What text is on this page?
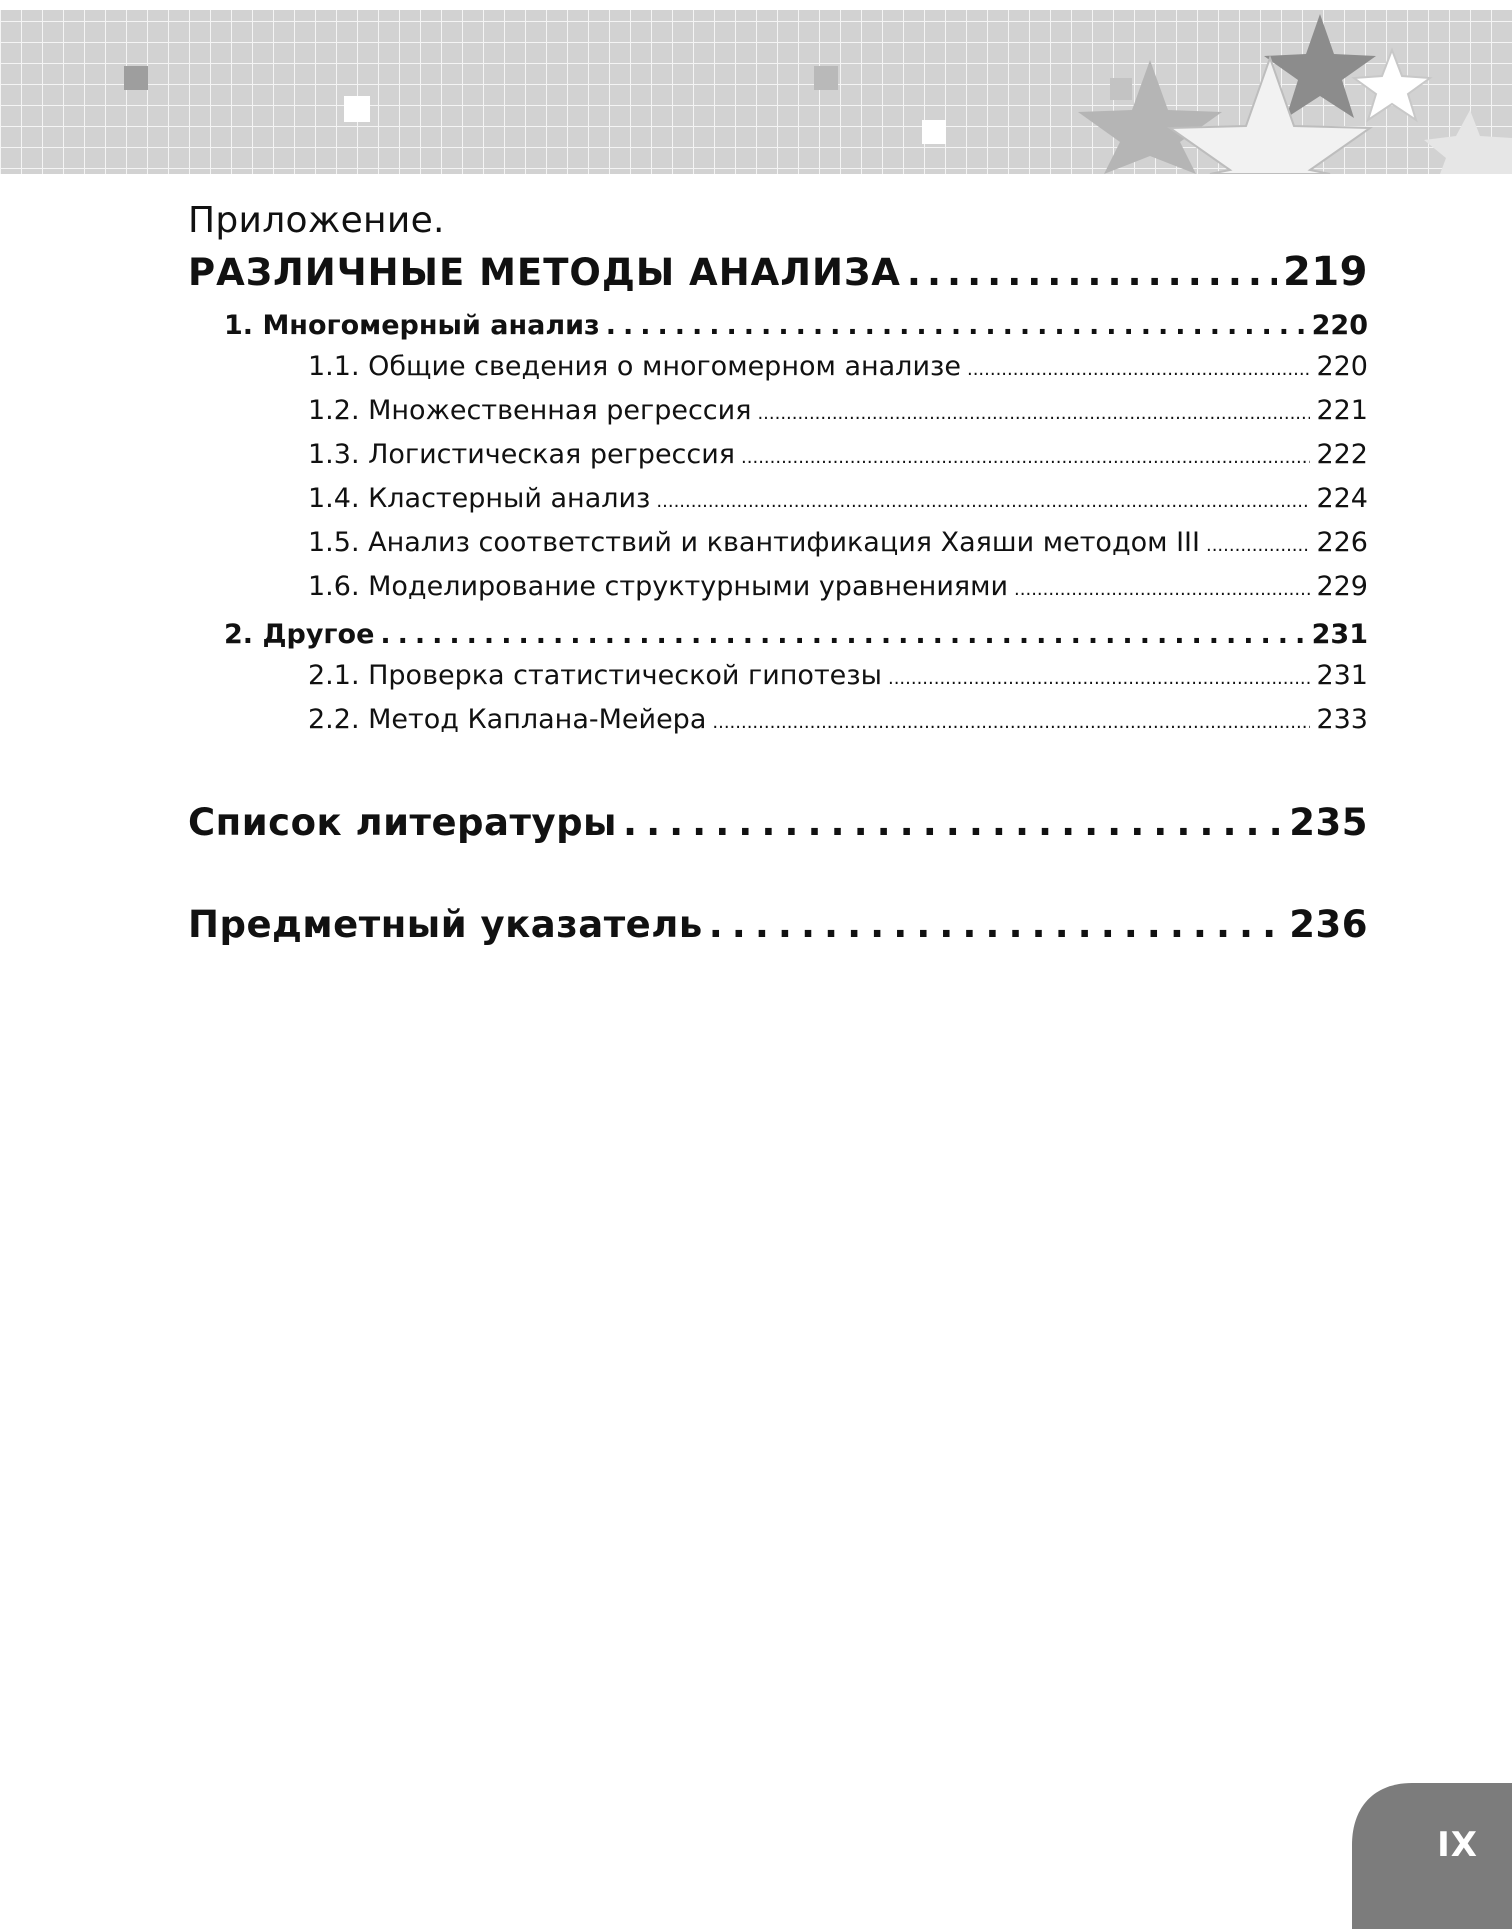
Приложение.
РАЗЛИЧНЫЕ МЕТОДЫ АНАЛИЗА .....	219
1. Многомерный анализ .....	220
1.1. Общие сведения о многомерном анализе .....	220
1.2. Множественная регрессия .....	221
1.3. Логистическая регрессия .....	222
1.4. Кластерный анализ .....	224
1.5. Анализ соответствий и квантификация Хаяши методом III .....	226
1.6. Моделирование структурными уравнениями .....	229
2. Другое .....	231
2.1. Проверка статистической гипотезы .....	231
2.2. Метод Каплана-Мейера .....	233
Список литературы .....	235
Предметный указатель .....	236
IX
